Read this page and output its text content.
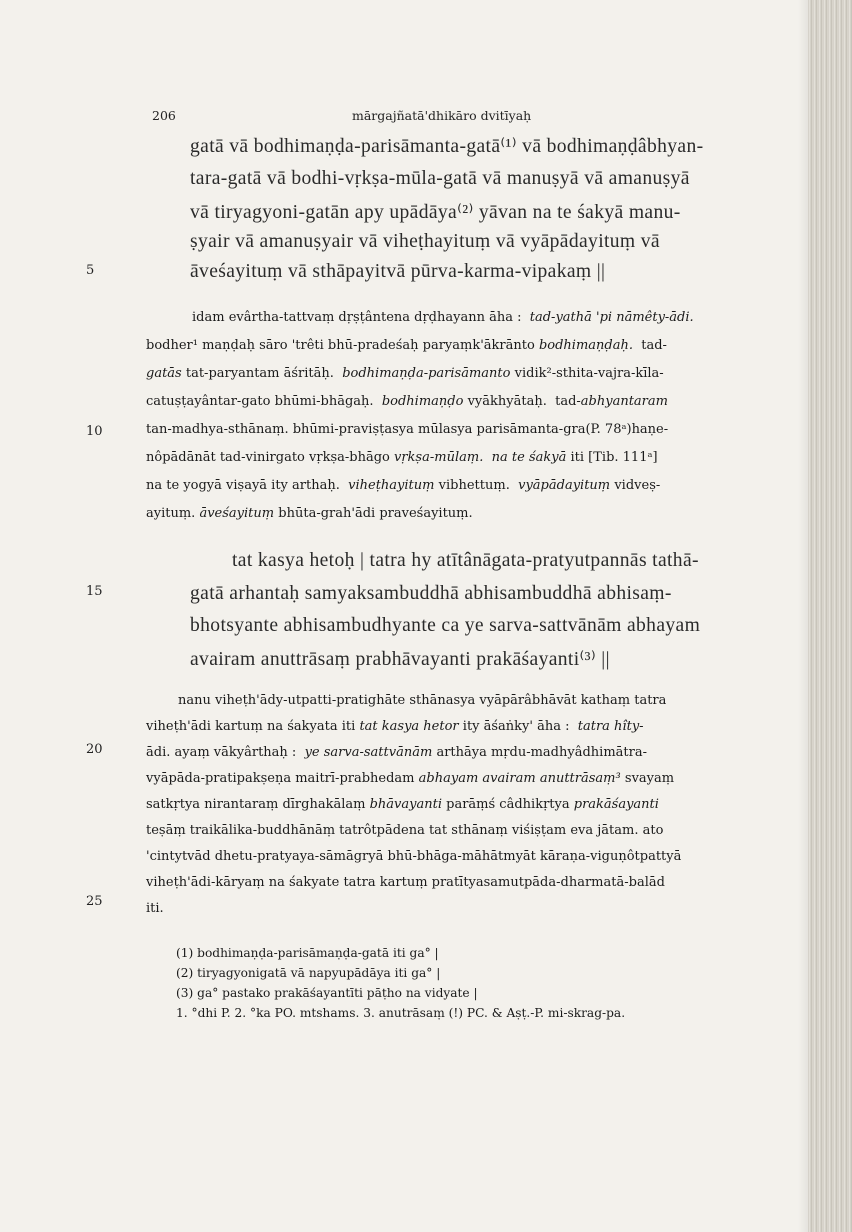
206	mārgajñatā'dhikāro dvitīyaḥ
5
10
15
20
25
gatā vā bodhimaṇḍa-parisāmanta-gatā⁽¹⁾ vā bodhimaṇḍâbhyan-
tara-gatā vā bodhi-vṛkṣa-mūla-gatā vā manuṣyā vā amanuṣyā
vā tiryagyoni-gatān apy upādāya⁽²⁾ yāvan na te śakyā manu-
ṣyair vā amanuṣyair vā viheṭhayituṃ vā vyāpādayituṃ vā
āveśayituṃ vā sthāpayitvā pūrva-karma-vipakaṃ ||
idam evârtha-tattvaṃ dṛṣṭântena dṛḍhayann āha : tad-yathā 'pi nāmêty-ādi.
bodher¹ maṇḍaḥ sāro 'trêti bhū-pradeśaḥ paryaṃk'ākrānto bodhimaṇḍaḥ. tad-
gatās tat-paryantam āśritāḥ. bodhimaṇḍa-parisāmanto vidik²-sthita-vajra-kīla-
catuṣṭayântar-gato bhūmi-bhāgaḥ. bodhimaṇḍo vyākhyātaḥ. tad-abhyantaram
tan-madhya-sthānaṃ. bhūmi-praviṣṭasya mūlasya parisāmanta-gra(P. 78ᵃ)haṇe-
nôpādānāt tad-vinirgato vṛkṣa-bhāgo vṛkṣa-mūlaṃ. na te śakyā iti [Tib. 111ᵃ]
na te yogyā viṣayā ity arthaḥ. viheṭhayituṃ vibhettuṃ. vyāpādayituṃ vidveṣ-
ayituṃ. āveśayituṃ bhūta-grah'ādi praveśayituṃ.
tat kasya hetoḥ | tatra hy atītânāgata-pratyutpannās tathā-
gatā arhantaḥ samyaksambuddhā abhisambuddhā abhisaṃ-
bhotsyante abhisambudhyante ca ye sarva-sattvānām abhayam
avairam anuttrāsaṃ prabhāvayanti prakāśayanti⁽³⁾ ||
nanu viheṭh'ādy-utpatti-pratighāte sthānasya vyāpārâbhāvāt kathaṃ tatra
viheṭh'ādi kartuṃ na śakyata iti tat kasya hetor ity āśaṅky' āha : tatra hîty-
ādi. ayaṃ vākyârthaḥ : ye sarva-sattvānām arthāya mṛdu-madhyâdhimātra-
vyāpāda-pratipakṣeṇa maitrī-prabhedam abhayam avairam anuttrāsaṃ³ svayaṃ
satkṛtya nirantaraṃ dīrghakālaṃ bhāvayanti parāṃś câdhikṛtya prakāśayanti
teṣāṃ traikālika-buddhānāṃ tatrôtpādena tat sthānaṃ viśiṣṭam eva jātam. ato
'cintytvād dhetu-pratyaya-sāmāgryā bhū-bhāga-māhātmyāt kāraṇa-viguṇôtpattyā
viheṭh'ādi-kāryaṃ na śakyate tatra kartuṃ pratītyasamutpāda-dharmatā-balād
iti.
(1) bodhimaṇḍa-parisāmaṇḍa-gatā iti ga° |
(2) tiryagyonigatā vā napyupādāya iti ga° |
(3) ga° pastako prakāśayantīti pāṭho na vidyate |
1. °dhi P. 2. °ka PO. mtshams. 3. anutrāsaṃ (!) PC. & Aṣṭ.-P. mi-skrag-pa.
